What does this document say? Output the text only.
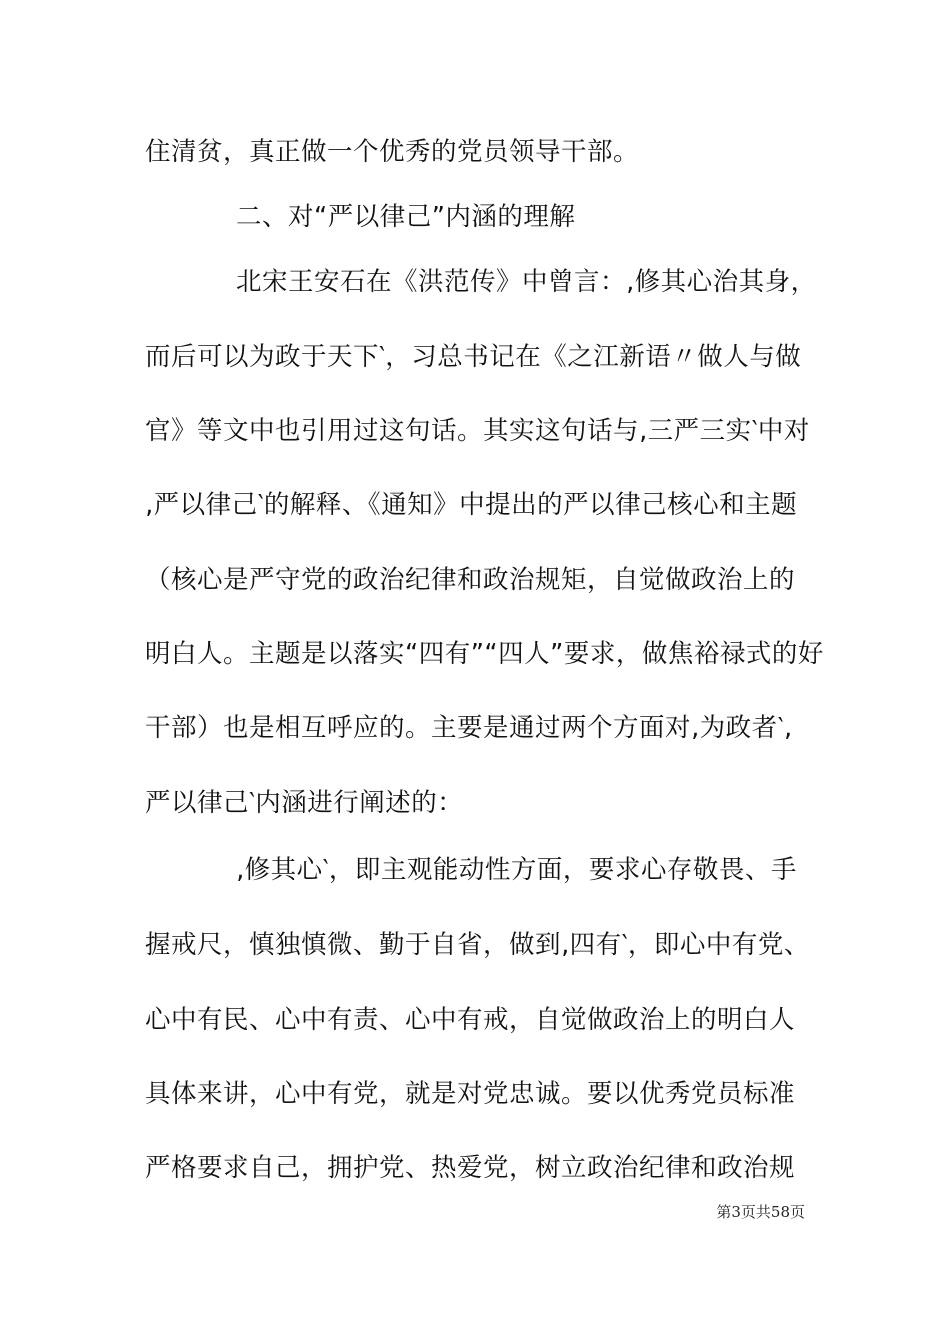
住清贫，真正做一个优秀的党员领导干部。
二、对“严以律己”内涵的理解
北宋王安石在《洪范传》中曾言：‚修其心治其身，
而后可以为政于天下‵，习总书记在《之江新语〃做人与做
官》等文中也引用过这句话。其实这句话与‚三严三实‵中对
‚严以律己‵的解释、《通知》中提出的严以律己核心和主题
（核心是严守党的政治纪律和政治规矩，自觉做政治上的
明白人。主题是以落实“四有”“四人”要求，做焦裕禄式的好
干部）也是相互呼应的。主要是通过两个方面对‚为政者‵‚
严以律己‵内涵进行阐述的：
‚修其心‵，即主观能动性方面，要求心存敬畏、手
握戒尺，慎独慎微、勤于自省，做到‚四有‵，即心中有党、
心中有民、心中有责、心中有戒，自觉做政治上的明白人
具体来讲，心中有党，就是对党忠诚。要以优秀党员标准
严格要求自己，拥护党、热爱党，树立政治纪律和政治规
第3页共58页
